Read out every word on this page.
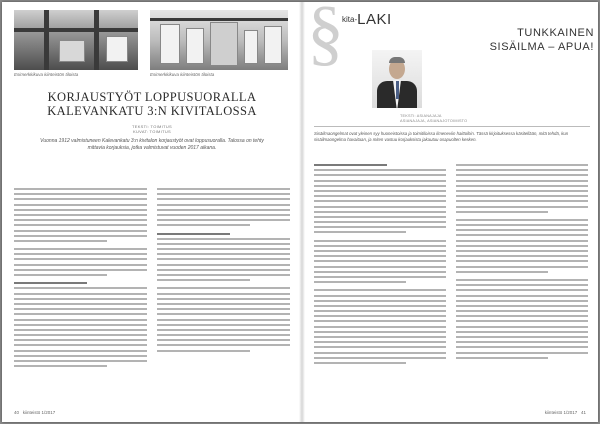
Esimerkkikuva kiinteistön tiloista	Esimerkkikuva kiinteistön tiloista
KORJAUSTYÖT LOPPUSUORALLA
KALEVANKATU 3:N KIVITALOSSA
TEKSTI: TOIMITUS
KUVAT: TOIMITUS
Vuonna 1912 valmistuneen Kalevankatu 3:n kivitalon korjaustyöt ovat loppusuoralla. Talossa on tehty mittavia korjauksia, jotka valmistuvat vuoden 2017 aikana.
40 kiinteistö 1/2017
§
kita-LAKI
TUNKKAINEN
SISÄILMA – APUA!
TEKSTI: ASIANAJAJA
ASIANAJAJA, ASIANAJOTOIMISTO
Sisäilmaongelmat ovat yleinen syy huoneistoissa ja toimitiloissa ilmeneviin haittoihin. Tässä kirjoituksessa käsitellään, mitä tehdä, kun sisäilmaongelma havaitaan, ja miten vastuu korjauksista jakautuu osapuolten kesken.
kiinteistö 1/2017 41
